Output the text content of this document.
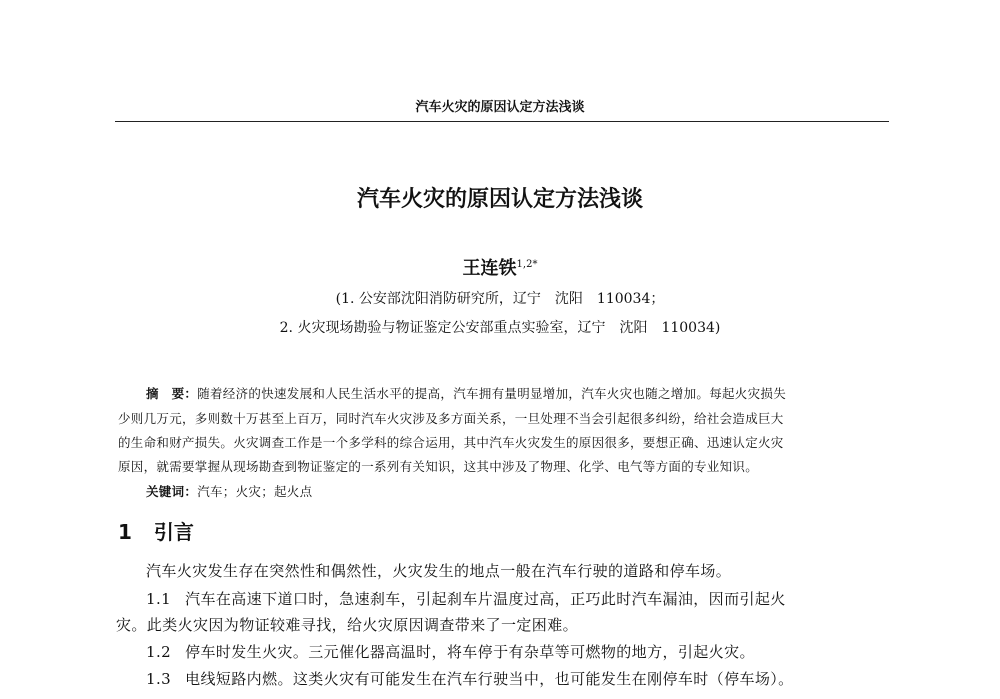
汽车火灾的原因认定方法浅谈
汽车火灾的原因认定方法浅谈
王连铁$^{1,2*}$
(1. 公安部沈阳消防研究所，辽宁　沈阳　110034；
2. 火灾现场勘验与物证鉴定公安部重点实验室，辽宁　沈阳　110034)
摘　要：随着经济的快速发展和人民生活水平的提高，汽车拥有量明显增加，汽车火灾也随之增加。每起火灾损失
少则几万元，多则数十万甚至上百万，同时汽车火灾涉及多方面关系，一旦处理不当会引起很多纠纷，给社会造成巨大
的生命和财产损失。火灾调查工作是一个多学科的综合运用，其中汽车火灾发生的原因很多，要想正确、迅速认定火灾
原因，就需要掌握从现场勘查到物证鉴定的一系列有关知识，这其中涉及了物理、化学、电气等方面的专业知识。
关键词：汽车；火灾；起火点
1 引言
汽车火灾发生存在突然性和偶然性，火灾发生的地点一般在汽车行驶的道路和停车场。
1.1 汽车在高速下道口时，急速刹车，引起刹车片温度过高，正巧此时汽车漏油，因而引起火
灾。此类火灾因为物证较难寻找，给火灾原因调查带来了一定困难。
1.2 停车时发生火灾。三元催化器高温时，将车停于有杂草等可燃物的地方，引起火灾。
1.3 电线短路内燃。这类火灾有可能发生在汽车行驶当中，也可能发生在刚停车时（停车场）。
